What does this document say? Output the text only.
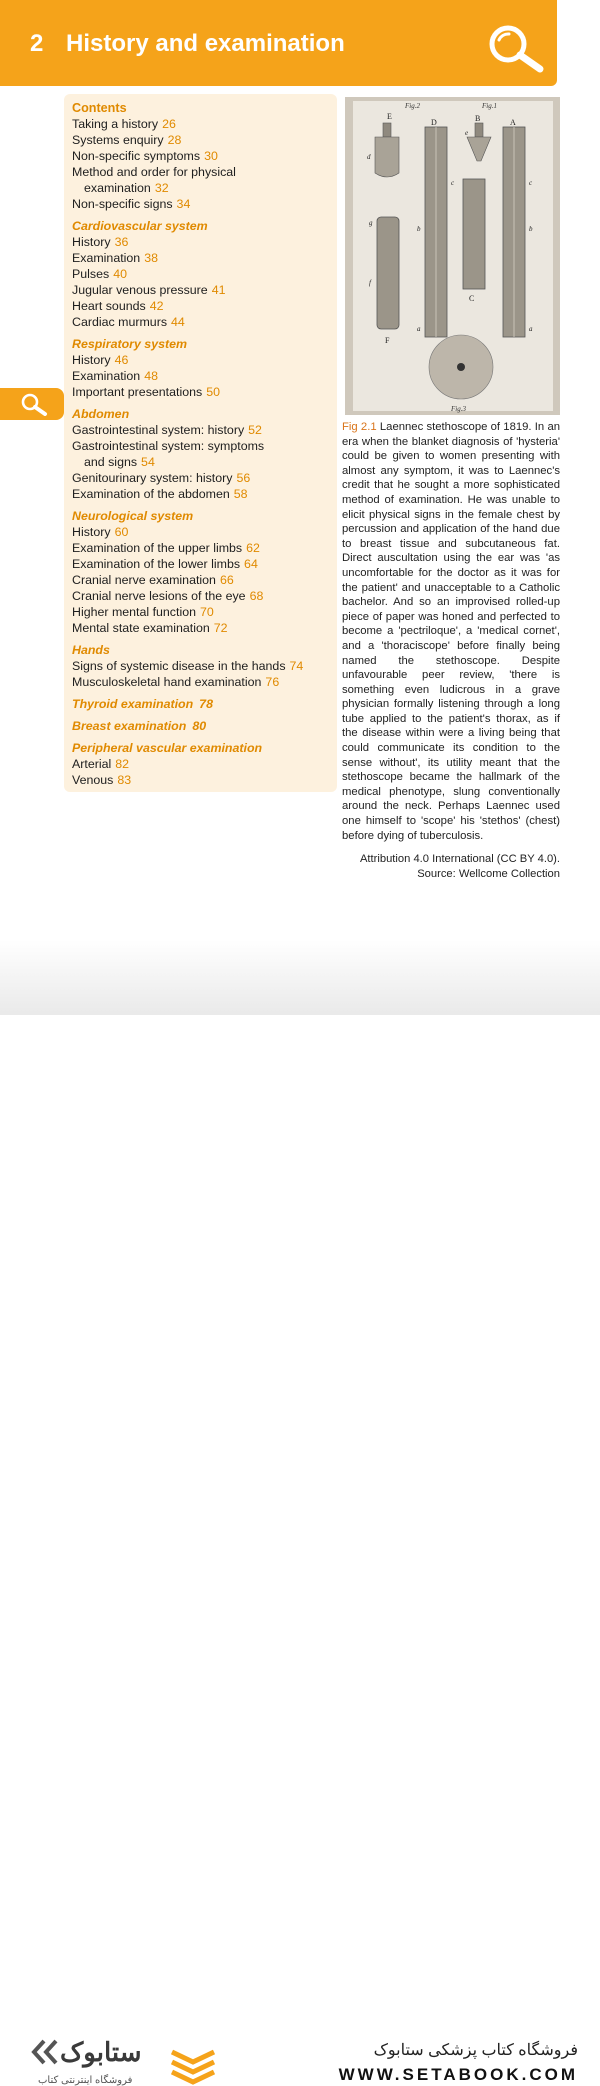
2 History and examination
Contents
Taking a history 26
Systems enquiry 28
Non-specific symptoms 30
Method and order for physical
examination 32
Non-specific signs 34
Cardiovascular system
History 36
Examination 38
Pulses 40
Jugular venous pressure 41
Heart sounds 42
Cardiac murmurs 44
Respiratory system
History 46
Examination 48
Important presentations 50
Abdomen
Gastrointestinal system: history 52
Gastrointestinal system: symptoms
and signs 54
Genitourinary system: history 56
Examination of the abdomen 58
Neurological system
History 60
Examination of the upper limbs 62
Examination of the lower limbs 64
Cranial nerve examination 66
Cranial nerve lesions of the eye 68
Higher mental function 70
Mental state examination 72
Hands
Signs of systemic disease in the hands 74
Musculoskeletal hand examination 76
Thyroid examination 78
Breast examination 80
Peripheral vascular examination
Arterial 82
Venous 83
Fig.2	Fig.1
Fig.3
E
D	B	A
C
F
d
e
c	c
b	b
a	a
g
f
Fig 2.1 Laennec stethoscope of 1819. In an era when the blanket diagnosis of 'hysteria' could be given to women presenting with almost any symptom, it was to Laennec's credit that he sought a more sophisticated method of examination. He was unable to elicit physical signs in the female chest by percussion and application of the hand due to breast tissue and subcutaneous fat. Direct auscultation using the ear was 'as uncomfortable for the doctor as it was for the patient' and unacceptable to a Catholic bachelor. And so an improvised rolled-up piece of paper was honed and perfected to become a 'pectriloque', a 'medical cornet', and a 'thoraciscope' before finally being named the stethoscope. Despite unfavourable peer review, 'there is something even ludicrous in a grave physician formally listening through a long tube applied to the patient's thorax, as if the disease within were a living being that could communicate its condition to the sense without', its utility meant that the stethoscope became the hallmark of the medical phenotype, slung conventionally around the neck. Perhaps Laennec used one himself to 'scope' his 'stethos' (chest) before dying of tuberculosis.
Attribution 4.0 International (CC BY 4.0).
Source: Wellcome Collection
ستابوک
فروشگاه اینترنتی کتاب
فروشگاه کتاب پزشکی ستابوک
WWW.SETABOOK.COM
